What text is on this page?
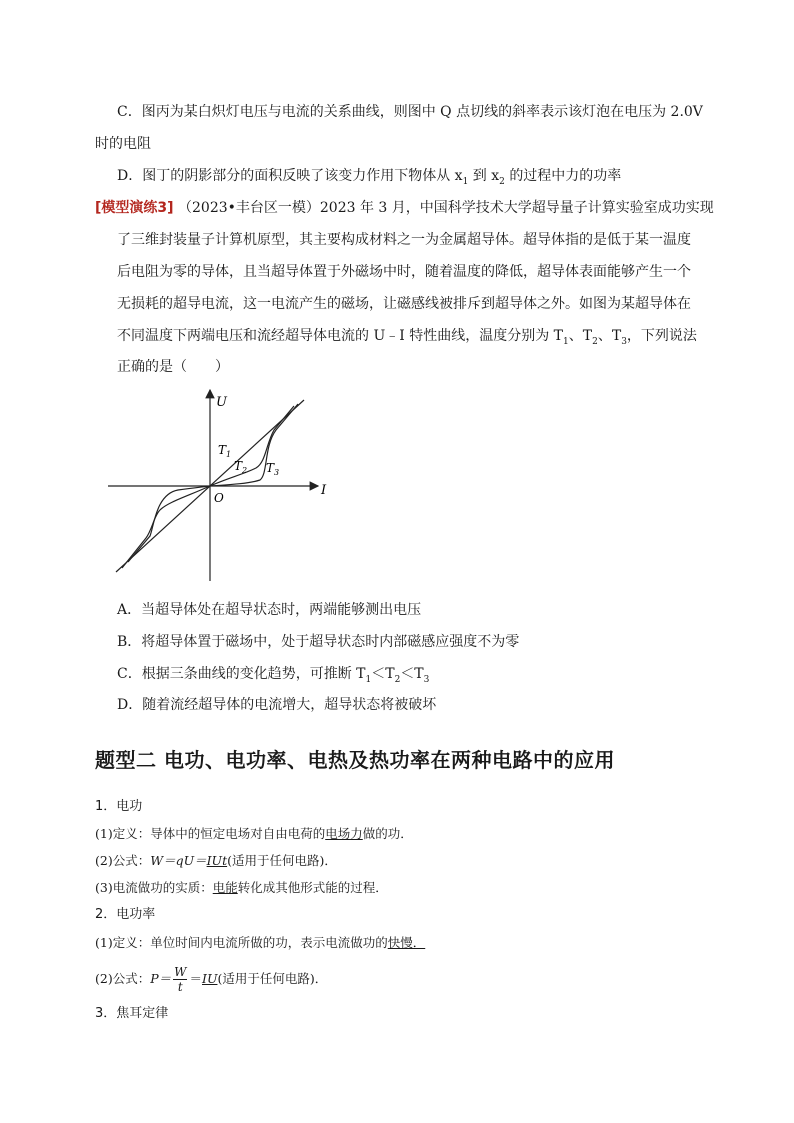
C．图丙为某白炽灯电压与电流的关系曲线，则图中 Q 点切线的斜率表示该灯泡在电压为 2.0V
时的电阻
D．图丁的阴影部分的面积反映了该变力作用下物体从 $x_1$ 到 $x_2$ 的过程中力的功率
[模型演练3] （2023•丰台区一模）2023 年 3 月，中国科学技术大学超导量子计算实验室成功实现
了三维封装量子计算机原型，其主要构成材料之一为金属超导体。超导体指的是低于某一温度
后电阻为零的导体，且当超导体置于外磁场中时，随着温度的降低，超导体表面能够产生一个
无损耗的超导电流，这一电流产生的磁场，让磁感线被排斥到超导体之外。如图为某超导体在
不同温度下两端电压和流经超导体电流的 U﹣I 特性曲线，温度分别为 $T_1$、$T_2$、$T_3$，下列说法
正确的是（　　）
U
I
O
$T_1$
$T_2$ $T_3$
A．当超导体处在超导状态时，两端能够测出电压
B．将超导体置于磁场中，处于超导状态时内部磁感应强度不为零
C．根据三条曲线的变化趋势，可推断 $T_1<T_2<T_3$
D．随着流经超导体的电流增大，超导状态将被破坏
题型二 电功、电功率、电热及热功率在两种电路中的应用
1．电功
(1)定义：导体中的恒定电场对自由电荷的电场力做的功．
(2)公式：W＝qU＝IUt(适用于任何电路)．
(3)电流做功的实质：电能转化成其他形式能的过程．
2．电功率
(1)定义：单位时间内电流所做的功，表示电流做功的快慢．
(2)公式：$P= \frac{W}{t} =IU$(适用于任何电路)．
3．焦耳定律
